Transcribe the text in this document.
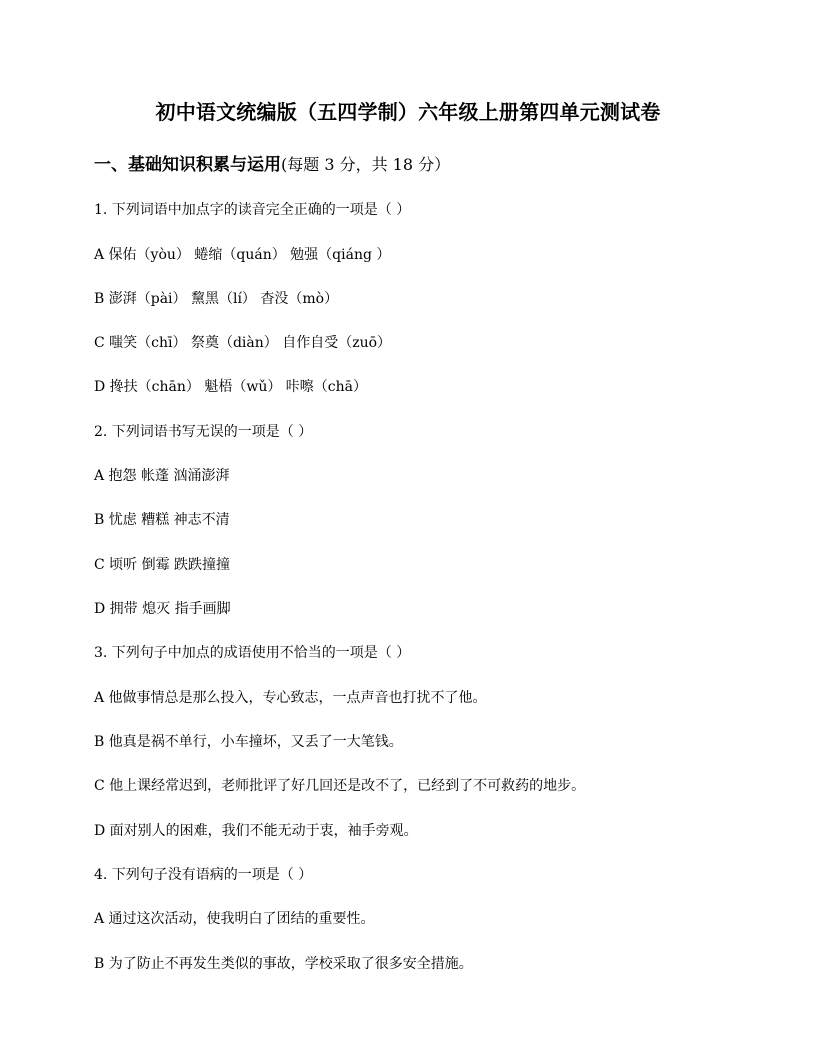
初中语文统编版（五四学制）六年级上册第四单元测试卷
一、基础知识积累与运用(每题 3 分，共 18 分）
1. 下列词语中加点字的读音完全正确的一项是（ ）
A 保佑（yòu） 蜷缩（quán） 勉强（qiáng ）
B 澎湃（pài） 黧黑（lí） 杳没（mò）
C 嗤笑（chī） 祭奠（diàn） 自作自受（zuō）
D 搀扶（chān） 魁梧（wǔ） 咔嚓（chā）
2. 下列词语书写无误的一项是（ ）
A 抱怨 帐蓬 汹涌澎湃
B 忧虑 糟糕 神志不清
C 顷听 倒霉 跌跌撞撞
D 拥带 熄灭 指手画脚
3. 下列句子中加点的成语使用不恰当的一项是（ ）
A 他做事情总是那么投入，专心致志，一点声音也打扰不了他。
B 他真是祸不单行，小车撞坏，又丢了一大笔钱。
C 他上课经常迟到，老师批评了好几回还是改不了，已经到了不可救药的地步。
D 面对别人的困难，我们不能无动于衷，袖手旁观。
4. 下列句子没有语病的一项是（ ）
A 通过这次活动，使我明白了团结的重要性。
B 为了防止不再发生类似的事故，学校采取了很多安全措施。
